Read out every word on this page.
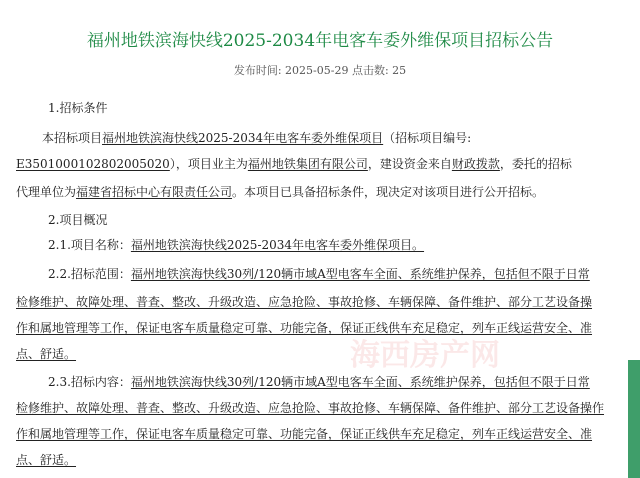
福州地铁滨海快线2025-2034年电客车委外维保项目招标公告
发布时间: 2025-05-29 点击数: 25
1.招标条件
本招标项目福州地铁滨海快线2025-2034年电客车委外维保项目（招标项目编号:
E3501000102802005020），项目业主为福州地铁集团有限公司，建设资金来自财政拨款，委托的招标
代理单位为福建省招标中心有限责任公司。本项目已具备招标条件，现决定对该项目进行公开招标。
2.项目概况
2.1.项目名称：福州地铁滨海快线2025-2034年电客车委外维保项目。
2.2.招标范围：福州地铁滨海快线30列/120辆市域A型电客车全面、系统维护保养，包括但不限于日常
检修维护、故障处理、普查、整改、升级改造、应急抢险、事故抢修、车辆保障、备件维护、部分工艺设备操
作和属地管理等工作，保证电客车质量稳定可靠、功能完备，保证正线供车充足稳定，列车正线运营安全、准
点、舒适。
2.3.招标内容：福州地铁滨海快线30列/120辆市域A型电客车全面、系统维护保养，包括但不限于日常
检修维护、故障处理、普查、整改、升级改造、应急抢险、事故抢修、车辆保障、备件维护、部分工艺设备操作
作和属地管理等工作，保证电客车质量稳定可靠、功能完备，保证正线供车充足稳定，列车正线运营安全、准
点、舒适。
海西房产网
